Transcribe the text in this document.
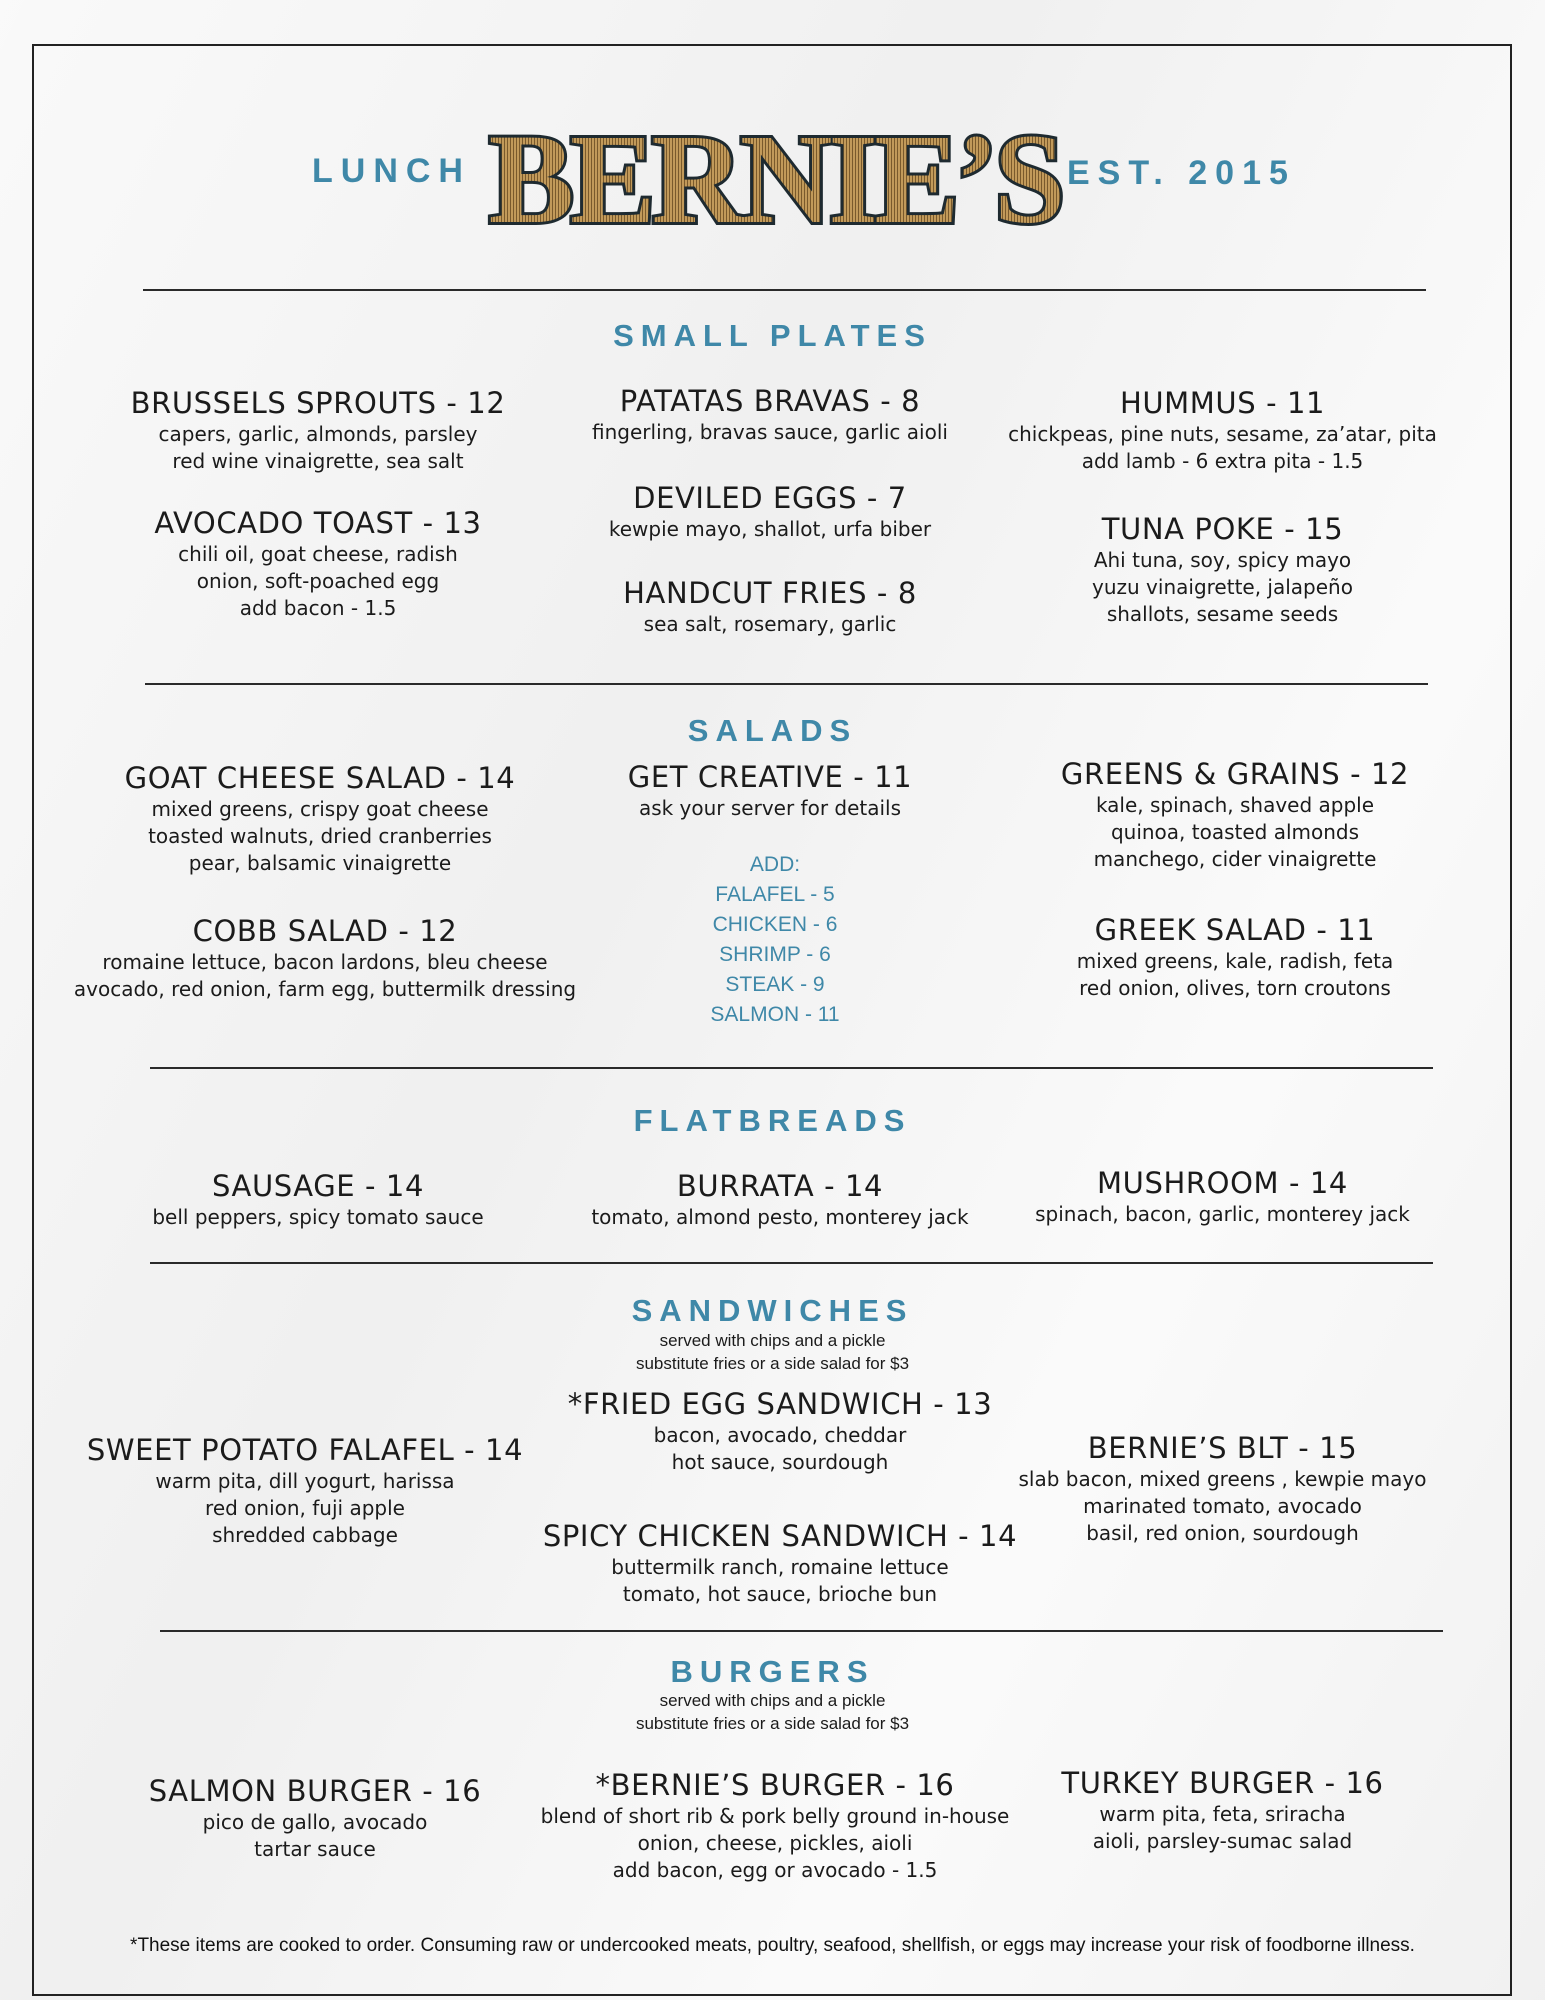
LUNCH	EST. 2015
BERNIE’S
SMALL PLATES
BRUSSELS SPROUTS - 12
capers, garlic, almonds, parsley
red wine vinaigrette, sea salt
AVOCADO TOAST - 13
chili oil, goat cheese, radish
onion, soft-poached egg
add bacon - 1.5
PATATAS BRAVAS - 8
fingerling, bravas sauce, garlic aioli
DEVILED EGGS - 7
kewpie mayo, shallot, urfa biber
HANDCUT FRIES - 8
sea salt, rosemary, garlic
HUMMUS - 11
chickpeas, pine nuts, sesame, za’atar, pita
add lamb - 6 extra pita - 1.5
TUNA POKE - 15
Ahi tuna, soy, spicy mayo
yuzu vinaigrette, jalapeño
shallots, sesame seeds
SALADS
GOAT CHEESE SALAD - 14
mixed greens, crispy goat cheese
toasted walnuts, dried cranberries
pear, balsamic vinaigrette
COBB SALAD - 12
romaine lettuce, bacon lardons, bleu cheese
avocado, red onion, farm egg, buttermilk dressing
GET CREATIVE - 11
ask your server for details
ADD:
FALAFEL - 5
CHICKEN - 6
SHRIMP - 6
STEAK - 9
SALMON - 11
GREENS & GRAINS - 12
kale, spinach, shaved apple
quinoa, toasted almonds
manchego, cider vinaigrette
GREEK SALAD - 11
mixed greens, kale, radish, feta
red onion, olives, torn croutons
FLATBREADS
SAUSAGE - 14
bell peppers, spicy tomato sauce
BURRATA - 14
tomato, almond pesto, monterey jack
MUSHROOM - 14
spinach, bacon, garlic, monterey jack
SANDWICHES
served with chips and a pickle
substitute fries or a side salad for $3
SWEET POTATO FALAFEL - 14
warm pita, dill yogurt, harissa
red onion, fuji apple
shredded cabbage
*FRIED EGG SANDWICH - 13
bacon, avocado, cheddar
hot sauce, sourdough
SPICY CHICKEN SANDWICH - 14
buttermilk ranch, romaine lettuce
tomato, hot sauce, brioche bun
BERNIE’S BLT - 15
slab bacon, mixed greens , kewpie mayo
marinated tomato, avocado
basil, red onion, sourdough
BURGERS
served with chips and a pickle
substitute fries or a side salad for $3
SALMON BURGER - 16
pico de gallo, avocado
tartar sauce
*BERNIE’S BURGER - 16
blend of short rib & pork belly ground in-house
onion, cheese, pickles, aioli
add bacon, egg or avocado - 1.5
TURKEY BURGER - 16
warm pita, feta, sriracha
aioli, parsley-sumac salad
*These items are cooked to order. Consuming raw or undercooked meats, poultry, seafood, shellfish, or eggs may increase your risk of foodborne illness.
